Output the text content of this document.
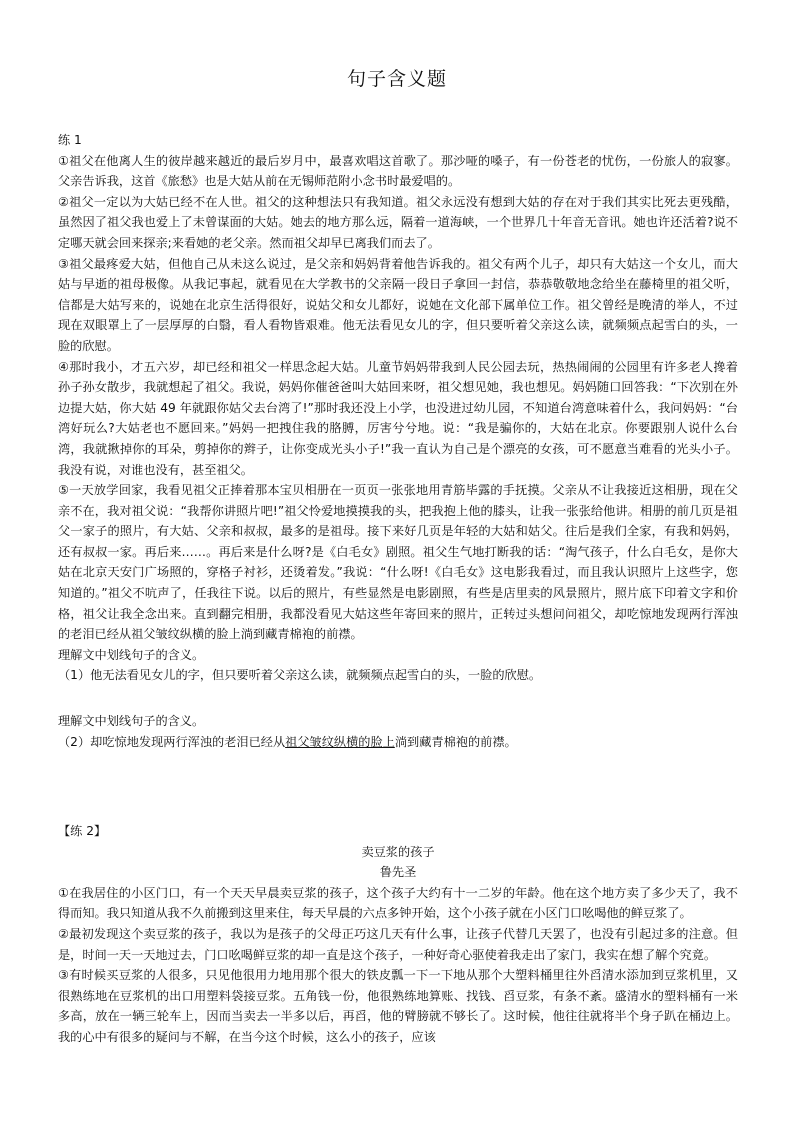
句子含义题

练 1

①祖父在他离人生的彼岸越来越近的最后岁月中，最喜欢唱这首歌了。那沙哑的嗓子，有一份苍老的忧伤，一份旅人的寂寥。父亲告诉我，这首《旅愁》也是大姑从前在无锡师范附小念书时最爱唱的。

②祖父一定以为大姑已经不在人世。祖父的这种想法只有我知道。祖父永远没有想到大姑的存在对于我们其实比死去更残酷，虽然因了祖父我也爱上了未曾谋面的大姑。她去的地方那么远，隔着一道海峡，一个世界几十年音无音讯。她也许还活着?说不定哪天就会回来探亲;来看她的老父亲。然而祖父却早已离我们而去了。

③祖父最疼爱大姑，但他自己从未这么说过，是父亲和妈妈背着他告诉我的。祖父有两个儿子，却只有大姑这一个女儿，而大姑与早逝的祖母极像。从我记事起，就看见在大学教书的父亲隔一段日子拿回一封信，恭恭敬敬地念给坐在藤椅里的祖父听，信都是大姑写来的，说她在北京生活得很好，说姑父和女儿都好，说她在文化部下属单位工作。祖父曾经是晚清的举人，不过现在双眼罩上了一层厚厚的白翳，看人看物皆艰难。他无法看见女儿的字，但只要听着父亲这么读，就频频点起雪白的头，一脸的欣慰。

④那时我小，才五六岁，却已经和祖父一样思念起大姑。儿童节妈妈带我到人民公园去玩，热热闹闹的公园里有许多老人搀着孙子孙女散步，我就想起了祖父。我说，妈妈你催爸爸叫大姑回来呀，祖父想见她，我也想见。妈妈随口回答我：“下次别在外边提大姑，你大姑 49 年就跟你姑父去台湾了!”那时我还没上小学，也没进过幼儿园，不知道台湾意味着什么，我问妈妈：“台湾好玩么?大姑老也不愿回来。”妈妈一把拽住我的胳膊，厉害兮兮地。说：“我是骗你的，大姑在北京。你要跟别人说什么台湾，我就揪掉你的耳朵，剪掉你的辫子，让你变成光头小子!”我一直认为自己是个漂亮的女孩，可不愿意当难看的光头小子。我没有说，对谁也没有，甚至祖父。

⑤一天放学回家，我看见祖父正捧着那本宝贝相册在一页页一张张地用青筋毕露的手抚摸。父亲从不让我接近这相册，现在父亲不在，我对祖父说：“我帮你讲照片吧!”祖父怜爱地摸摸我的头，把我抱上他的膝头，让我一张张给他讲。相册的前几页是祖父一家子的照片，有大姑、父亲和叔叔，最多的是祖母。接下来好几页是年轻的大姑和姑父。往后是我们全家，有我和妈妈，还有叔叔一家。再后来……。再后来是什么呀?是《白毛女》剧照。祖父生气地打断我的话：“淘气孩子，什么白毛女，是你大姑在北京天安门广场照的，穿格子衬衫，还烫着发。”我说：“什么呀!《白毛女》这电影我看过，而且我认识照片上这些字，您知道的。”祖父不吭声了，任我往下说。以后的照片，有些显然是电影剧照，有些是店里卖的风景照片，照片底下印着文字和价格，祖父让我全念出来。直到翻完相册，我都没看见大姑这些年寄回来的照片，正转过头想问问祖父，却吃惊地发现两行浑浊的老泪已经从祖父皱纹纵横的脸上淌到藏青棉袍的前襟。

理解文中划线句子的含义。

（1）他无法看见女儿的字，但只要听着父亲这么读，就频频点起雪白的头，一脸的欣慰。

理解文中划线句子的含义。

（2）却吃惊地发现两行浑浊的老泪已经从祖父皱纹纵横的脸上淌到藏青棉袍的前襟。

【练 2】

卖豆浆的孩子

鲁先圣

①在我居住的小区门口，有一个天天早晨卖豆浆的孩子，这个孩子大约有十一二岁的年龄。他在这个地方卖了多少天了，我不得而知。我只知道从我不久前搬到这里来住，每天早晨的六点多钟开始，这个小孩子就在小区门口吆喝他的鲜豆浆了。

②最初发现这个卖豆浆的孩子，我以为是孩子的父母正巧这几天有什么事，让孩子代替几天罢了，也没有引起过多的注意。但是，时间一天一天地过去，门口吆喝鲜豆浆的却一直是这个孩子，一种好奇心驱使着我走出了家门，我实在想了解个究竟。

③有时候买豆浆的人很多，只见他很用力地用那个很大的铁皮瓢一下一下地从那个大塑料桶里往外舀清水添加到豆浆机里，又很熟练地在豆浆机的出口用塑料袋接豆浆。五角钱一份，他很熟练地算账、找钱、舀豆浆，有条不紊。盛清水的塑料桶有一米多高，放在一辆三轮车上，因而当卖去一半多以后，再舀，他的臂膀就不够长了。这时候，他往往就将半个身子趴在桶边上。我的心中有很多的疑问与不解，在当今这个时候，这么小的孩子，应该
